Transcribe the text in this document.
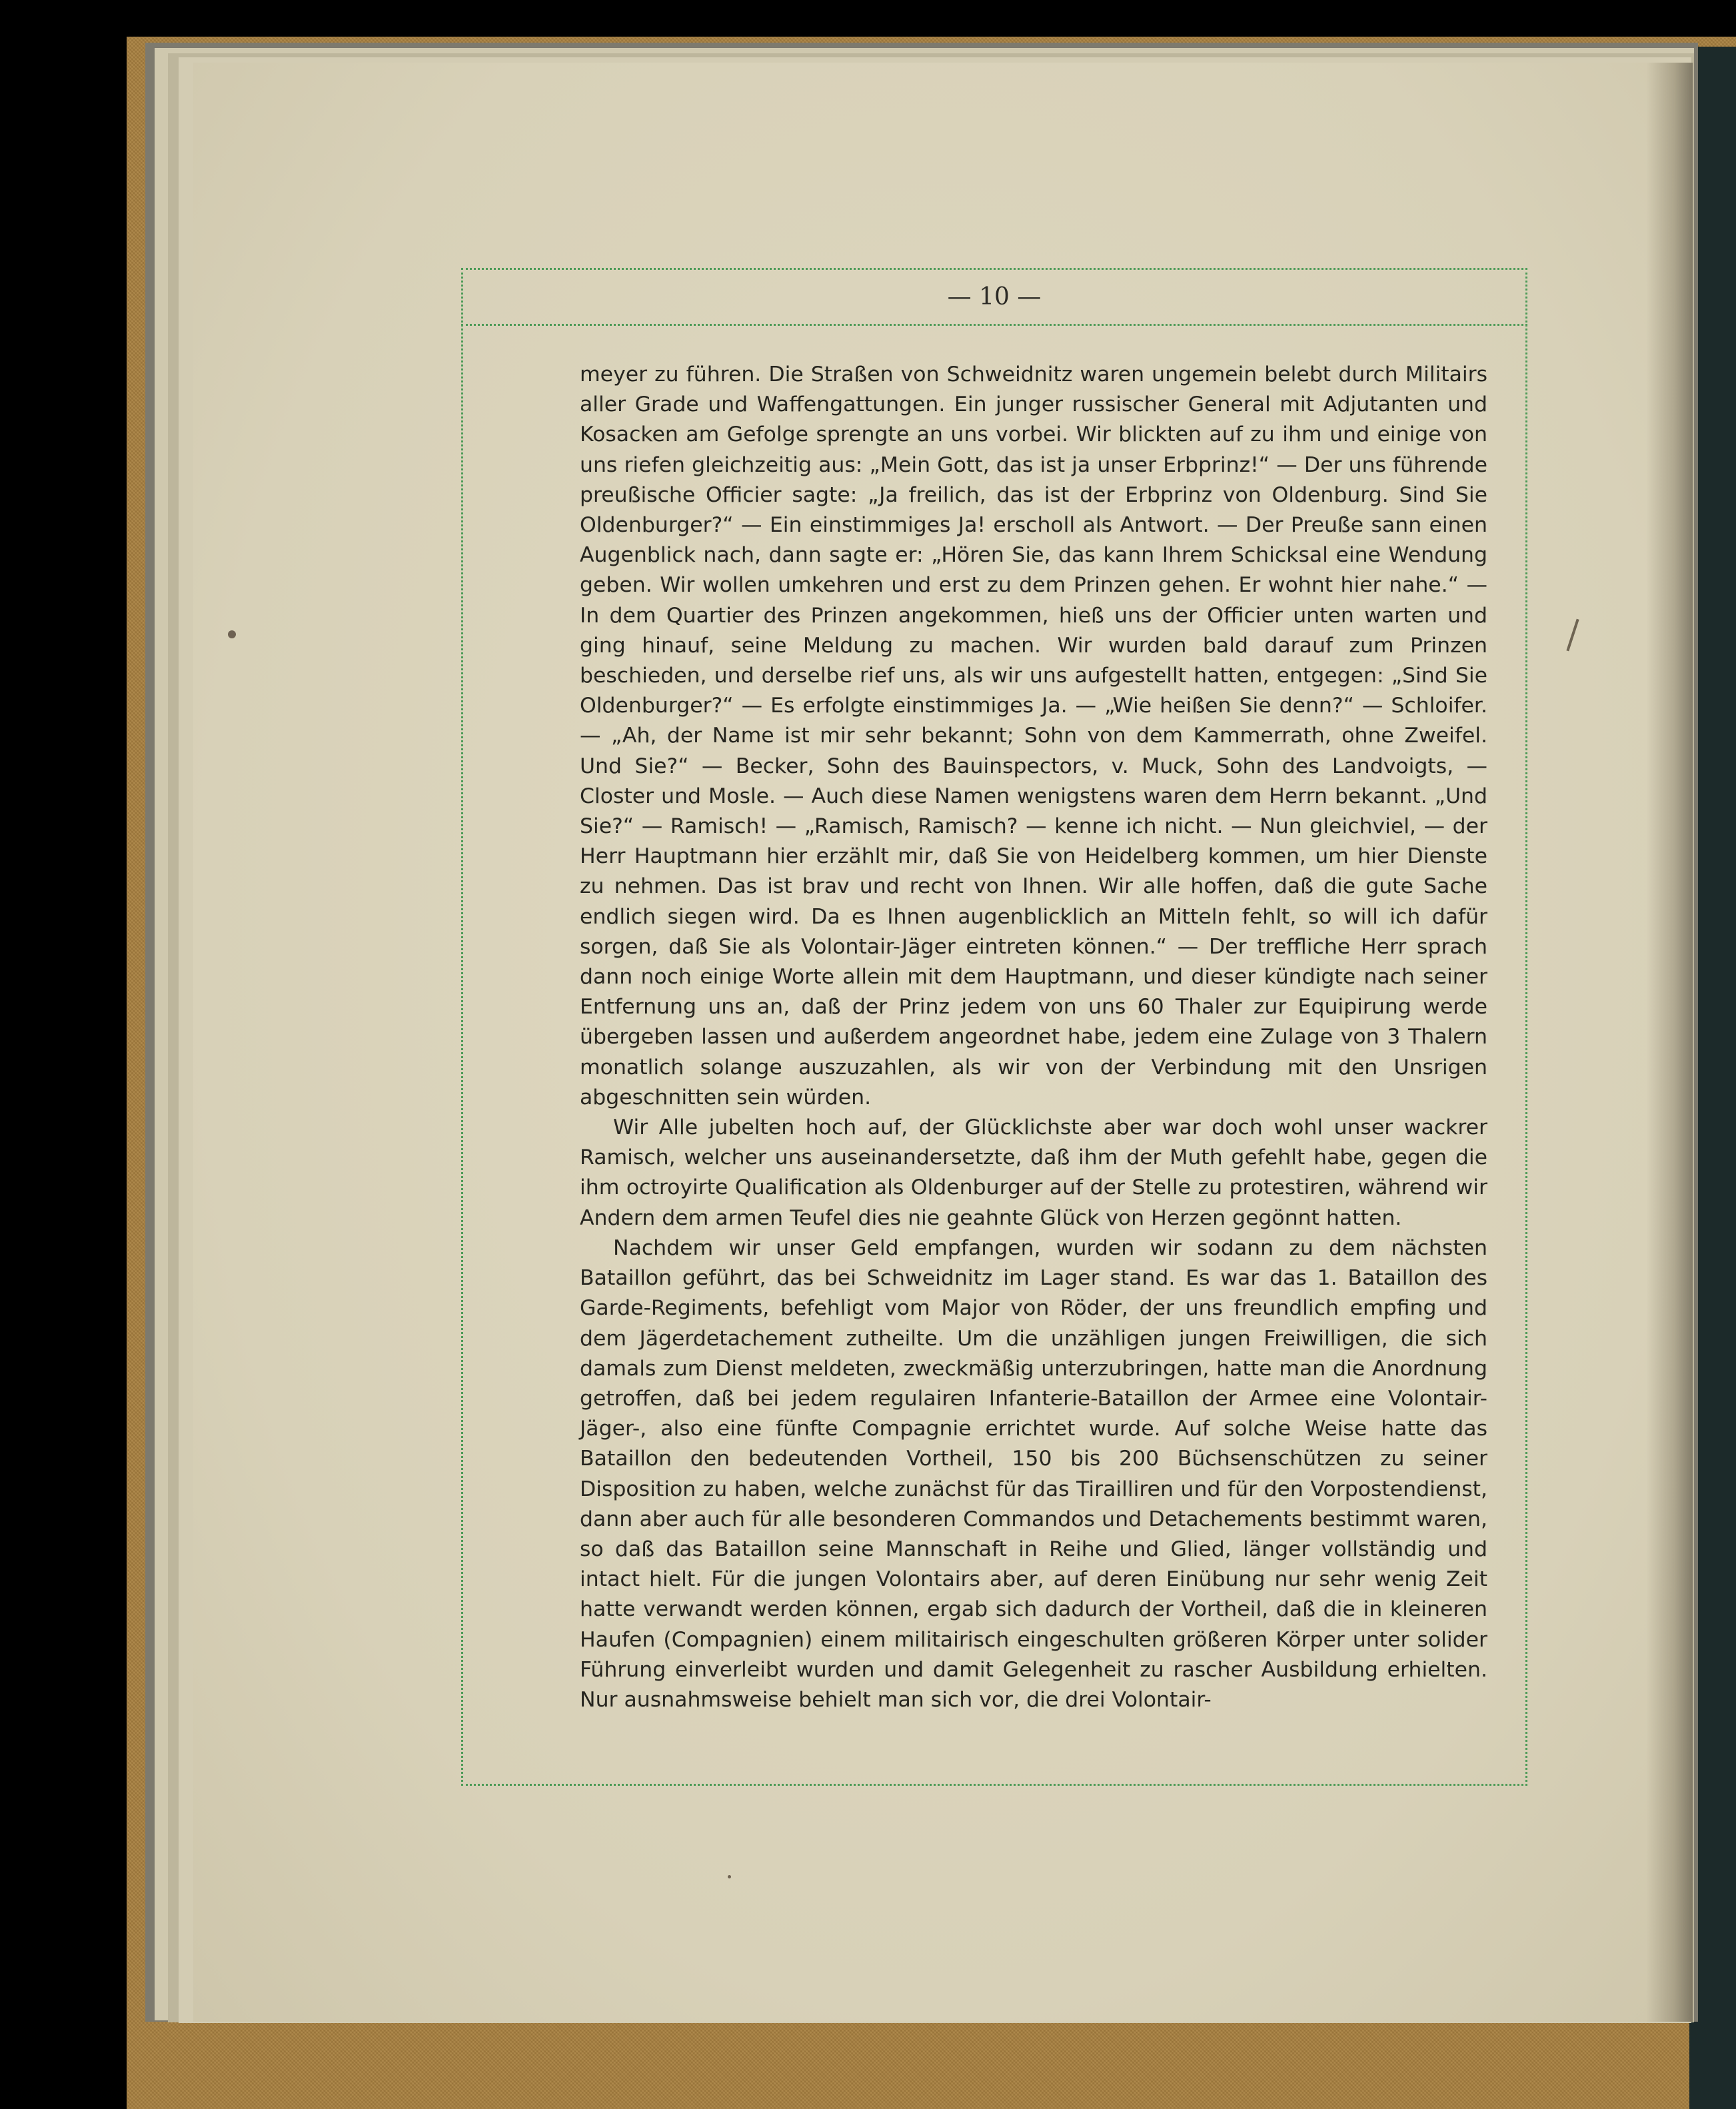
— 10 —

meyer zu führen. Die Straßen von Schweidnitz waren ungemein belebt durch Militairs aller Grade und Waffengattungen. Ein junger russischer General mit Adjutanten und Kosacken am Gefolge sprengte an uns vorbei. Wir blickten auf zu ihm und einige von uns riefen gleichzeitig aus: „Mein Gott, das ist ja unser Erbprinz!“ — Der uns führende preußische Officier sagte: „Ja freilich, das ist der Erbprinz von Oldenburg. Sind Sie Oldenburger?“ — Ein einstimmiges Ja! erscholl als Antwort. — Der Preuße sann einen Augenblick nach, dann sagte er: „Hören Sie, das kann Ihrem Schicksal eine Wendung geben. Wir wollen umkehren und erst zu dem Prinzen gehen. Er wohnt hier nahe.“ — In dem Quartier des Prinzen angekommen, hieß uns der Officier unten warten und ging hinauf, seine Meldung zu machen. Wir wurden bald darauf zum Prinzen beschieden, und derselbe rief uns, als wir uns aufgestellt hatten, entgegen: „Sind Sie Oldenburger?“ — Es erfolgte einstimmiges Ja. — „Wie heißen Sie denn?“ — Schloifer. — „Ah, der Name ist mir sehr bekannt; Sohn von dem Kammerrath, ohne Zweifel. Und Sie?“ — Becker, Sohn des Bauinspectors, v. Muck, Sohn des Landvoigts, — Closter und Mosle. — Auch diese Namen wenigstens waren dem Herrn bekannt. „Und Sie?“ — Ramisch! — „Ramisch, Ramisch? — kenne ich nicht. — Nun gleichviel, — der Herr Hauptmann hier erzählt mir, daß Sie von Heidelberg kommen, um hier Dienste zu nehmen. Das ist brav und recht von Ihnen. Wir alle hoffen, daß die gute Sache endlich siegen wird. Da es Ihnen augenblicklich an Mitteln fehlt, so will ich dafür sorgen, daß Sie als Volontair-Jäger eintreten können.“ — Der treffliche Herr sprach dann noch einige Worte allein mit dem Hauptmann, und dieser kündigte nach seiner Entfernung uns an, daß der Prinz jedem von uns 60 Thaler zur Equipirung werde übergeben lassen und außerdem angeordnet habe, jedem eine Zulage von 3 Thalern monatlich solange auszuzahlen, als wir von der Verbindung mit den Unsrigen abgeschnitten sein würden.

Wir Alle jubelten hoch auf, der Glücklichste aber war doch wohl unser wackrer Ramisch, welcher uns auseinandersetzte, daß ihm der Muth gefehlt habe, gegen die ihm octroyirte Qualification als Oldenburger auf der Stelle zu protestiren, während wir Andern dem armen Teufel dies nie geahnte Glück von Herzen gegönnt hatten.

Nachdem wir unser Geld empfangen, wurden wir sodann zu dem nächsten Bataillon geführt, das bei Schweidnitz im Lager stand. Es war das 1. Bataillon des Garde-Regiments, befehligt vom Major von Röder, der uns freundlich empfing und dem Jägerdetachement zutheilte. Um die unzähligen jungen Freiwilligen, die sich damals zum Dienst meldeten, zweckmäßig unterzubringen, hatte man die Anordnung getroffen, daß bei jedem regulairen Infanterie-Bataillon der Armee eine Volontair-Jäger-, also eine fünfte Compagnie errichtet wurde. Auf solche Weise hatte das Bataillon den bedeutenden Vortheil, 150 bis 200 Büchsenschützen zu seiner Disposition zu haben, welche zunächst für das Tirailliren und für den Vorpostendienst, dann aber auch für alle besonderen Commandos und Detachements bestimmt waren, so daß das Bataillon seine Mannschaft in Reihe und Glied, länger vollständig und intact hielt. Für die jungen Volontairs aber, auf deren Einübung nur sehr wenig Zeit hatte verwandt werden können, ergab sich dadurch der Vortheil, daß die in kleineren Haufen (Compagnien) einem militairisch eingeschulten größeren Körper unter solider Führung einverleibt wurden und damit Gelegenheit zu rascher Ausbildung erhielten. Nur ausnahmsweise behielt man sich vor, die drei Volontair-
